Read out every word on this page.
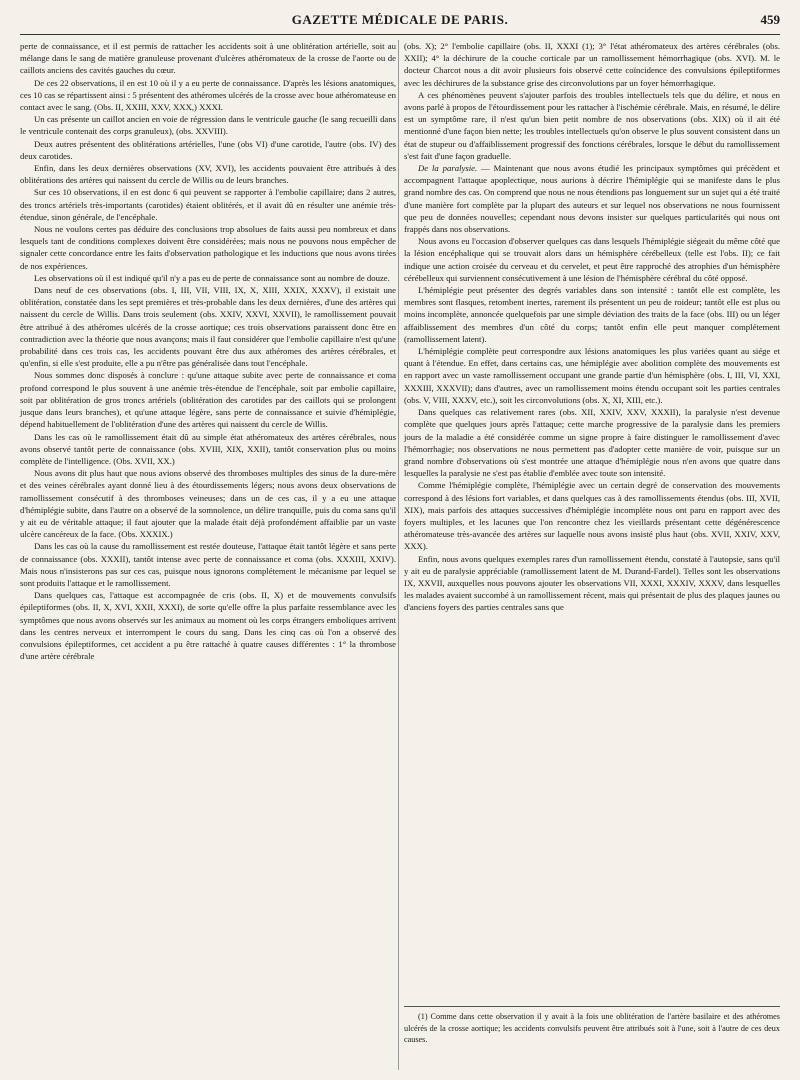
GAZETTE MÉDICALE DE PARIS.	459

perte de connaissance, et il est permis de rattacher les accidents soit à une oblitération artérielle, soit au mélange dans le sang de matière granuleuse provenant d'ulcères athéromateux de la crosse de l'aorte ou de caillots anciens des cavités gauches du cœur.

De ces 22 observations, il en est 10 où il y a eu perte de connaissance. D'après les lésions anatomiques, ces 10 cas se répartissent ainsi : 5 présentent des athéromes ulcérés de la crosse avec boue athéromateuse en contact avec le sang. (Obs. II, XXIII, XXV, XXX,) XXXI.

Un cas présente un caillot ancien en voie de régression dans le ventricule gauche (le sang recueilli dans le ventricule contenait des corps granuleux), (obs. XXVIII).

Deux autres présentent des oblitérations artérielles, l'une (obs VI) d'une carotide, l'autre (obs. IV) des deux carotides.

Enfin, dans les deux dernières observations (XV, XVI), les accidents pouvaient être attribués à des oblitérations des artères qui naissent du cercle de Willis ou de leurs branches.

Sur ces 10 observations, il en est donc 6 qui peuvent se rapporter à l'embolie capillaire; dans 2 autres, des troncs artériels très-importants (carotides) étaient oblitérés, et il avait dû en résulter une anémie très-étendue, sinon générale, de l'encéphale.

Nous ne voulons certes pas déduire des conclusions trop absolues de faits aussi peu nombreux et dans lesquels tant de conditions complexes doivent être considérées; mais nous ne pouvons nous empêcher de signaler cette concordance entre les faits d'observation pathologique et les inductions que nous avons tirées de nos expériences.

Les observations où il est indiqué qu'il n'y a pas eu de perte de connaissance sont au nombre de douze.

Dans neuf de ces observations (obs. I, III, VII, VIII, IX, X, XIII, XXIX, XXXV), il existait une oblitération, constatée dans les sept premières et très-probable dans les deux dernières, d'une des artères qui naissent du cercle de Willis. Dans trois seulement (obs. XXIV, XXVI, XXVII), le ramollissement pouvait être attribué à des athéromes ulcérés de la crosse aortique; ces trois observations paraissent donc être en contradiction avec la théorie que nous avançons; mais il faut considérer que l'embolie capillaire n'est qu'une probabilité dans ces trois cas, les accidents pouvant être dus aux athéromes des artères cérébrales, et qu'enfin, si elle s'est produite, elle a pu n'être pas généralisée dans tout l'encéphale.

Nous sommes donc disposés à conclure : qu'une attaque subite avec perte de connaissance et coma profond correspond le plus souvent à une anémie très-étendue de l'encéphale, soit par embolie capillaire, soit par oblitération de gros troncs artériels (oblitération des carotides par des caillots qui se prolongent jusque dans leurs branches), et qu'une attaque légère, sans perte de connaissance et suivie d'hémiplégie, dépend habituellement de l'oblitération d'une des artères qui naissent du cercle de Willis.

Dans les cas où le ramollissement était dû au simple état athéromateux des artères cérébrales, nous avons observé tantôt perte de connaissance (obs. XVIII, XIX, XXII), tantôt conservation plus ou moins complète de l'intelligence. (Obs. XVII, XX.)

Nous avons dit plus haut que nous avions observé des thromboses multiples des sinus de la dure-mère et des veines cérébrales ayant donné lieu à des étourdissements légers; nous avons deux observations de ramollissement consécutif à des thromboses veineuses; dans un de ces cas, il y a eu une attaque d'hémiplégie subite, dans l'autre on a observé de la somnolence, un délire tranquille, puis du coma sans qu'il y ait eu de véritable attaque; il faut ajouter que la malade était déjà profondément affaiblie par un vaste ulcère cancéreux de la face. (Obs. XXXIX.)

Dans les cas où la cause du ramollissement est restée douteuse, l'attaque était tantôt légère et sans perte de connaissance (obs. XXXII), tantôt intense avec perte de connaissance et coma (obs. XXXIII, XXIV). Mais nous n'insisterons pas sur ces cas, puisque nous ignorons complétement le mécanisme par lequel se sont produits l'attaque et le ramollissement.

Dans quelques cas, l'attaque est accompagnée de cris (obs. II, X) et de mouvements convulsifs épileptiformes (obs. II, X, XVI, XXII, XXXI), de sorte qu'elle offre la plus parfaite ressemblance avec les symptômes que nous avons observés sur les animaux au moment où les corps étrangers emboliques arrivent dans les centres nerveux et interrompent le cours du sang. Dans les cinq cas où l'on a observé des convulsions épileptiformes, cet accident a pu être rattaché à quatre causes différentes : 1° la thrombose d'une artère cérébrale

(obs. X); 2° l'embolie capillaire (obs. II, XXXI (1); 3° l'état athéromateux des artères cérébrales (obs. XXII); 4° la déchirure de la couche corticale par un ramollissement hémorrhagique (obs. XVI). M. le docteur Charcot nous a dit avoir plusieurs fois observé cette coïncidence des convulsions épileptiformes avec les déchirures de la substance grise des circonvolutions par un foyer hémorrhagique.

A ces phénomènes peuvent s'ajouter parfois des troubles intellectuels tels que du délire, et nous en avons parlé à propos de l'étourdissement pour les rattacher à l'ischémie cérébrale. Mais, en résumé, le délire est un symptôme rare, il n'est qu'un bien petit nombre de nos observations (obs. XIX) où il ait été mentionné d'une façon bien nette; les troubles intellectuels qu'on observe le plus souvent consistent dans un état de stupeur ou d'affaiblissement progressif des fonctions cérébrales, lorsque le début du ramollissement s'est fait d'une façon graduelle.

De la paralysie. — Maintenant que nous avons étudié les principaux symptômes qui précèdent et accompagnent l'attaque apoplectique, nous aurions à décrire l'hémiplégie qui se manifeste dans le plus grand nombre des cas. On comprend que nous ne nous étendions pas longuement sur un sujet qui a été traité d'une manière fort complète par la plupart des auteurs et sur lequel nos observations ne nous fournissent que peu de données nouvelles; cependant nous devons insister sur quelques particularités qui nous ont frappés dans nos observations.

Nous avons eu l'occasion d'observer quelques cas dans lesquels l'hémiplégie siégeait du même côté que la lésion encéphalique qui se trouvait alors dans un hémisphère cérébelleux (telle est l'obs. II); ce fait indique une action croisée du cerveau et du cervelet, et peut être rapproché des atrophies d'un hémisphère cérébelleux qui surviennent consécutivement à une lésion de l'hémisphère cérébral du côté opposé.

L'hémiplégie peut présenter des degrés variables dans son intensité : tantôt elle est complète, les membres sont flasques, retombent inertes, rarement ils présentent un peu de roideur; tantôt elle est plus ou moins incomplète, annoncée quelquefois par une simple déviation des traits de la face (obs. III) ou un léger affaiblissement des membres d'un côté du corps; tantôt enfin elle peut manquer complétement (ramollissement latent).

L'hémiplégie complète peut correspondre aux lésions anatomiques les plus variées quant au siége et quant à l'étendue. En effet, dans certains cas, une hémiplégie avec abolition complète des mouvements est en rapport avec un vaste ramollissement occupant une grande partie d'un hémisphère (obs. I, III, VI, XXI, XXXIII, XXXVII); dans d'autres, avec un ramollissement moins étendu occupant soit les parties centrales (obs. V, VIII, XXXV, etc.), soit les circonvolutions (obs. X, XI, XIII, etc.).

Dans quelques cas relativement rares (obs. XII, XXIV, XXV, XXXII), la paralysie n'est devenue complète que quelques jours après l'attaque; cette marche progressive de la paralysie dans les premiers jours de la maladie a été considérée comme un signe propre à faire distinguer le ramollissement d'avec l'hémorrhagie; nos observations ne nous permettent pas d'adopter cette manière de voir, puisque sur un grand nombre d'observations où s'est montrée une attaque d'hémiplégie nous n'en avons que quatre dans lesquelles la paralysie ne s'est pas établie d'emblée avec toute son intensité.

Comme l'hémiplégie complète, l'hémiplégie avec un certain degré de conservation des mouvements correspond à des lésions fort variables, et dans quelques cas à des ramollissements étendus (obs. III, XVII, XIX), mais parfois des attaques successives d'hémiplégie incomplète nous ont paru en rapport avec des foyers multiples, et les lacunes que l'on rencontre chez les vieillards présentant cette dégénérescence athéromateuse très-avancée des artères sur laquelle nous avons insisté plus haut (obs. XVII, XXIV, XXV, XXX).

Enfin, nous avons quelques exemples rares d'un ramollissement étendu, constaté à l'autopsie, sans qu'il y ait eu de paralysie appréciable (ramollissement latent de M. Durand-Fardel). Telles sont les observations IX, XXVII, auxquelles nous pouvons ajouter les observations VII, XXXI, XXXIV, XXXV, dans lesquelles les malades avaient succombé à un ramollissement récent, mais qui présentait de plus des plaques jaunes ou d'anciens foyers des parties centrales sans que

(1) Comme dans cette observation il y avait à la fois une oblitération de l'artère basilaire et des athéromes ulcérés de la crosse aortique; les accidents convulsifs peuvent être attribués soit à l'une, soit à l'autre de ces deux causes.
